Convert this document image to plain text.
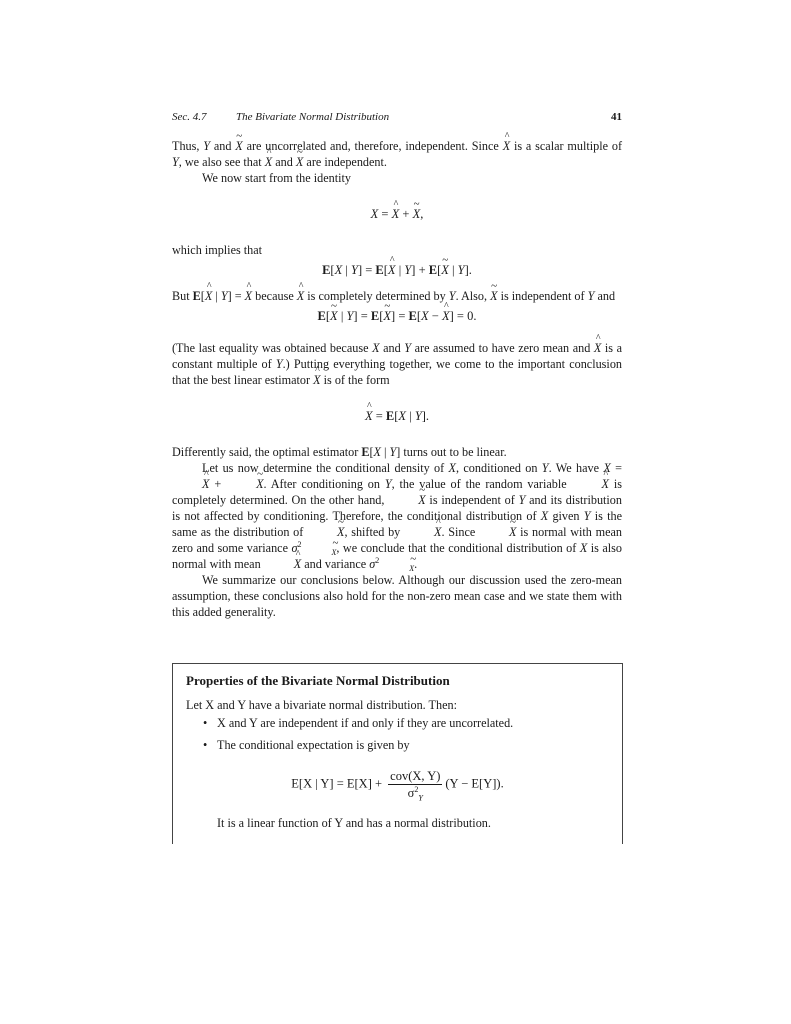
Sec. 4.7	The Bivariate Normal Distribution	41

Thus, Y and X ~ are uncorrelated and, therefore, independent. Since X ^ is a scalar multiple of Y, we also see that X ^ and X ~ are independent.

We now start from the identity

X = X ^ + X ~,

which implies that

E[X | Y] = E[X ^ | Y] + E[X ~ | Y].

But E[X ^ | Y] = X ^ because X ^ is completely determined by Y. Also, X ~ is independent of Y and

E[X ~ | Y] = E[X ~] = E[X − X ^] = 0.

(The last equality was obtained because X and Y are assumed to have zero mean and X ^ is a constant multiple of Y.) Putting everything together, we come to the important conclusion that the best linear estimator X ^ is of the form

X ^ = E[X | Y].

Differently said, the optimal estimator E[X | Y] turns out to be linear.

Let us now determine the conditional density of X, conditioned on Y. We have X = X ^ + X ~. After conditioning on Y, the value of the random variable X ^ is completely determined. On the other hand, X ~ is independent of Y and its distribution is not affected by conditioning. Therefore, the conditional distribution of X given Y is the same as the distribution of X ~, shifted by X ^. Since X ~ is normal with mean zero and some variance $\sigma^2_X$, we conclude that the conditional distribution of X is also normal with mean X ^ and variance $\sigma^2_X$.

We summarize our conclusions below. Although our discussion used the zero-mean assumption, these conclusions also hold for the non-zero mean case and we state them with this added generality.

Properties of the Bivariate Normal Distribution
Let X and Y have a bivariate normal distribution. Then:
• X and Y are independent if and only if they are uncorrelated.
• The conditional expectation is given by
E[X | $Y] = E[X] + \frac{\text{cov(X, Y)}}{\sigma^2_Y} (Y - E[Y])$.
It is a linear function of Y and has a normal distribution.
